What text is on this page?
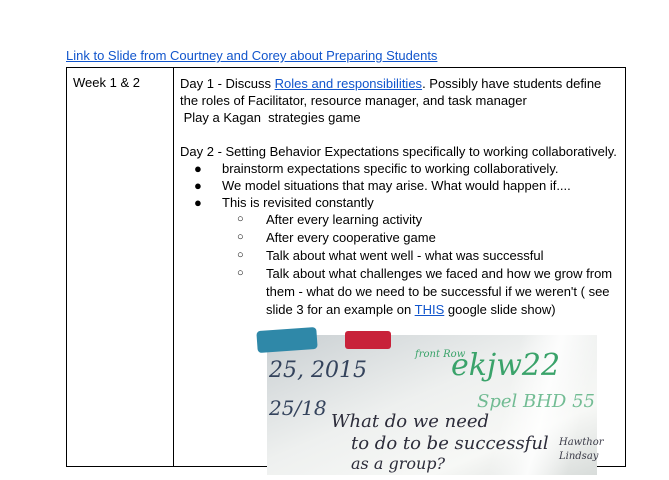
Link to Slide from Courtney and Corey about Preparing Students
Week 1 & 2	Day 1 - Discuss Roles and responsibilities. Possibly have students define the roles of Facilitator, resource manager, and task manager

Play a Kagan  strategies game

Day 2 - Setting Behavior Expectations specifically to working collaboratively.

●	brainstorm expectations specific to working collaboratively.
●	We model situations that may arise. What would happen if....
●	This is revisited constantly
○	After every learning activity
○	After every cooperative game
○	Talk about what went well - what was successful
○	Talk about what challenges we faced and how we grow from them - what do we need to be successful if we weren't ( see slide 3 for an example on THIS google slide show)
25, 2015
25/18
front Row
ekjw22
Spel BHD 55
What do we need to do to be successful
as a group?
Hawthor
Lindsay
